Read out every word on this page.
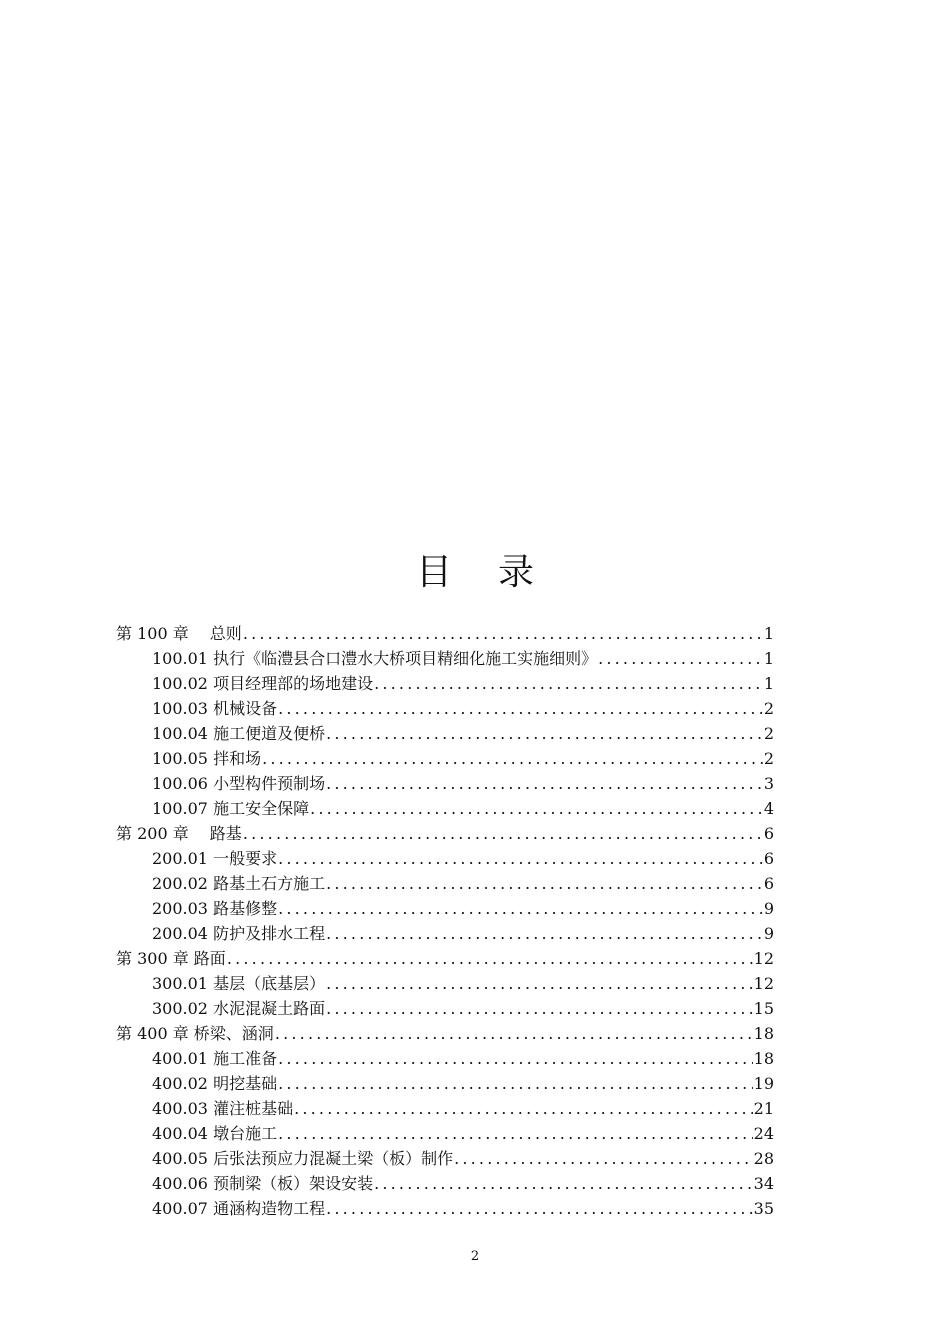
目录
第 100 章　 总则 .....	1
100.01 执行《临澧县合口澧水大桥项目精细化施工实施细则》 .....	1
100.02 项目经理部的场地建设 .....	1
100.03 机械设备 .....	2
100.04 施工便道及便桥 .....	2
100.05 拌和场 .....	2
100.06 小型构件预制场 .....	3
100.07 施工安全保障 .....	4
第 200 章　 路基 .....	6
200.01 一般要求 .....	6
200.02 路基土石方施工 .....	6
200.03 路基修整 .....	9
200.04 防护及排水工程 .....	9
第 300 章 路面 .....	12
300.01 基层（底基层） .....	12
300.02 水泥混凝土路面 .....	15
第 400 章 桥梁、涵洞 .....	18
400.01 施工准备 .....	18
400.02 明挖基础 .....	19
400.03 灌注桩基础 .....	21
400.04 墩台施工 .....	24
400.05 后张法预应力混凝土梁（板）制作 .....	28
400.06 预制梁（板）架设安装 .....	34
400.07 通涵构造物工程 .....	35
2
